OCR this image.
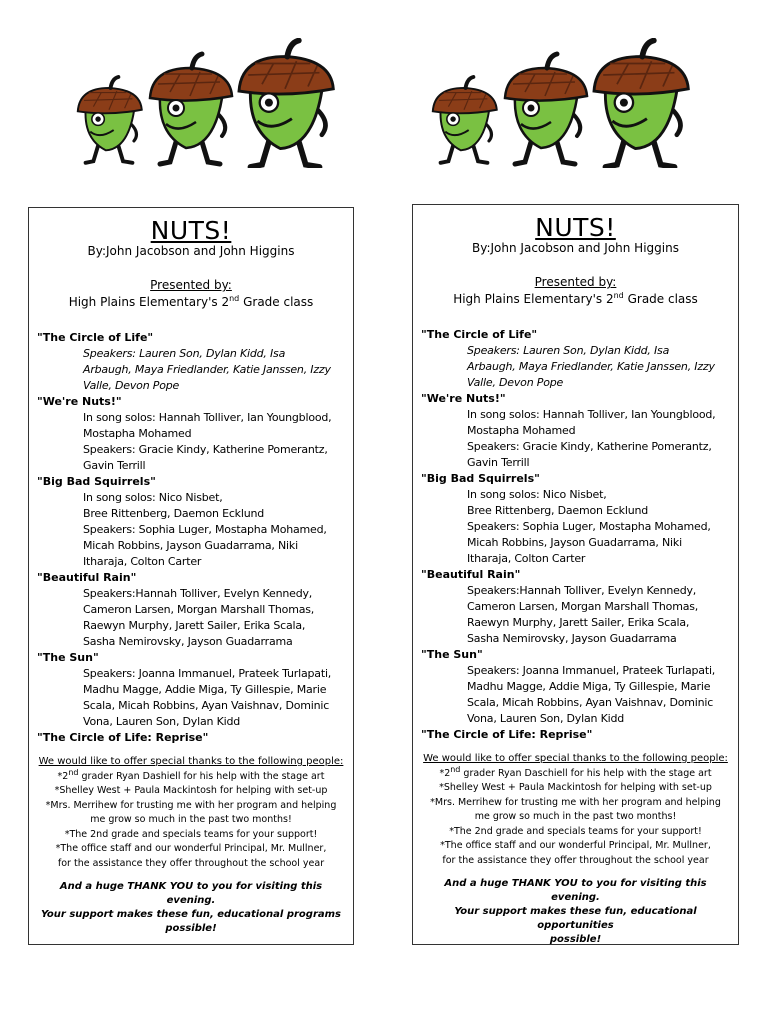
NUTS!
By:John Jacobson and John Higgins
Presented by:
High Plains Elementary's 2nd Grade class
"The Circle of Life"
Speakers: Lauren Son, Dylan Kidd, Isa
Arbaugh, Maya Friedlander, Katie Janssen, Izzy
Valle, Devon Pope
"We're Nuts!"
In song solos: Hannah Tolliver, Ian Youngblood,
Mostapha Mohamed
Speakers: Gracie Kindy, Katherine Pomerantz,
Gavin Terrill
"Big Bad Squirrels"
In song solos: Nico Nisbet,
Bree Rittenberg, Daemon Ecklund
Speakers: Sophia Luger, Mostapha Mohamed,
Micah Robbins, Jayson Guadarrama, Niki
Itharaja, Colton Carter
"Beautiful Rain"
Speakers:Hannah Tolliver, Evelyn Kennedy,
Cameron Larsen, Morgan Marshall Thomas,
Raewyn Murphy, Jarett Sailer, Erika Scala,
Sasha Nemirovsky, Jayson Guadarrama
"The Sun"
Speakers: Joanna Immanuel, Prateek Turlapati,
Madhu Magge, Addie Miga, Ty Gillespie, Marie
Scala, Micah Robbins, Ayan Vaishnav, Dominic
Vona, Lauren Son, Dylan Kidd
"The Circle of Life: Reprise"
We would like to offer special thanks to the following people:
*2nd grader Ryan Dashiell for his help with the stage art
*Shelley West + Paula Mackintosh for helping with set-up
*Mrs. Merrihew for trusting me with her program and helping
me grow so much in the past two months!
*The 2nd grade and specials teams for your support!
*The office staff and our wonderful Principal, Mr. Mullner,
for the assistance they offer throughout the school year
And a huge THANK YOU to you for visiting this evening.
Your support makes these fun, educational programs possible!
NUTS!
By:John Jacobson and John Higgins
Presented by:
High Plains Elementary's 2nd Grade class
"The Circle of Life"
Speakers: Lauren Son, Dylan Kidd, Isa
Arbaugh, Maya Friedlander, Katie Janssen, Izzy
Valle, Devon Pope
"We're Nuts!"
In song solos: Hannah Tolliver, Ian Youngblood,
Mostapha Mohamed
Speakers: Gracie Kindy, Katherine Pomerantz,
Gavin Terrill
"Big Bad Squirrels"
In song solos: Nico Nisbet,
Bree Rittenberg, Daemon Ecklund
Speakers: Sophia Luger, Mostapha Mohamed,
Micah Robbins, Jayson Guadarrama, Niki
Itharaja, Colton Carter
"Beautiful Rain"
Speakers:Hannah Tolliver, Evelyn Kennedy,
Cameron Larsen, Morgan Marshall Thomas,
Raewyn Murphy, Jarett Sailer, Erika Scala,
Sasha Nemirovsky, Jayson Guadarrama
"The Sun"
Speakers: Joanna Immanuel, Prateek Turlapati,
Madhu Magge, Addie Miga, Ty Gillespie, Marie
Scala, Micah Robbins, Ayan Vaishnav, Dominic
Vona, Lauren Son, Dylan Kidd
"The Circle of Life: Reprise"
We would like to offer special thanks to the following people:
*2nd grader Ryan Daschiell for his help with the stage art
*Shelley West + Paula Mackintosh for helping with set-up
*Mrs. Merrihew for trusting me with her program and helping
me grow so much in the past two months!
*The 2nd grade and specials teams for your support!
*The office staff and our wonderful Principal, Mr. Mullner,
for the assistance they offer throughout the school year
And a huge THANK YOU to you for visiting this evening.
Your support makes these fun, educational opportunities
possible!
